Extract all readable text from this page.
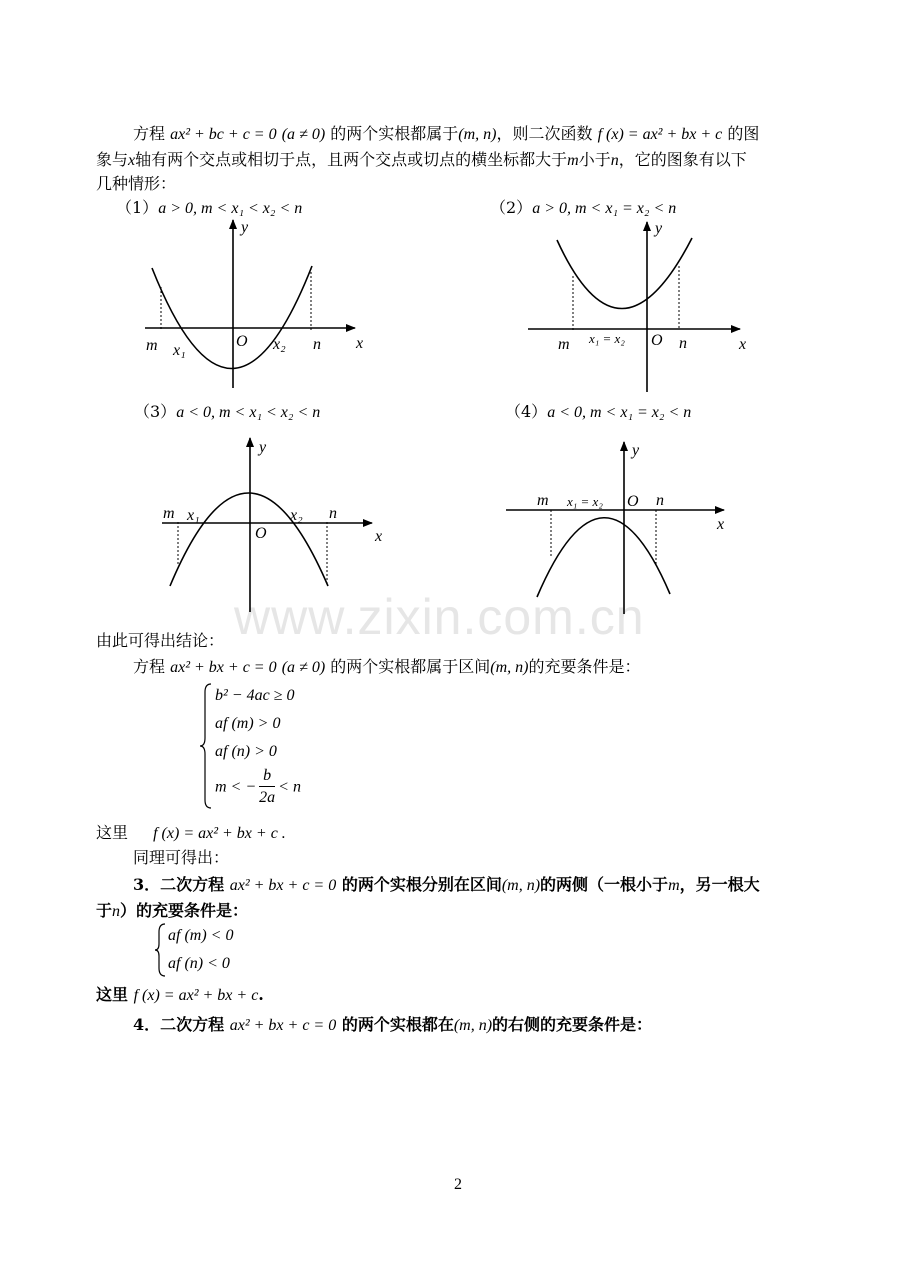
www.zixin.com.cn
方程 ax² + bc + c = 0 (a ≠ 0) 的两个实根都属于(m, n)，则二次函数 f (x) = ax² + bx + c 的图
象与x轴有两个交点或相切于点，且两个交点或切点的横坐标都大于m小于n，它的图象有以下
几种情形：
（1）a > 0, m < x₁ < x₂ < n	（2）a > 0, m < x₁ = x₂ < n
（3）a < 0, m < x₁ < x₂ < n	（4）a < 0, m < x₁ = x₂ < n
y
x
m x₁
O x₂ n
y
x
m x₁ = x₂ O n
y
x
m x₁
O
x₂ n
y
x
m x₁ = x₂ O n
由此可得出结论：
方程 ax² + bx + c = 0 (a ≠ 0) 的两个实根都属于区间(m, n)的充要条件是：
b² − 4ac ≥ 0
af (m) > 0
af (n) > 0
m < − $\frac{b}{2a} < n$
这里 f (x) = ax² + bx + c .
同理可得出：
3．二次方程 ax² + bx + c = 0 的两个实根分别在区间(m, n)的两侧（一根小于m，另一根大
于n）的充要条件是：
af (m) < 0
af (n) < 0
这里 f (x) = ax² + bx + c.
4．二次方程 ax² + bx + c = 0 的两个实根都在(m, n)的右侧的充要条件是：
2
